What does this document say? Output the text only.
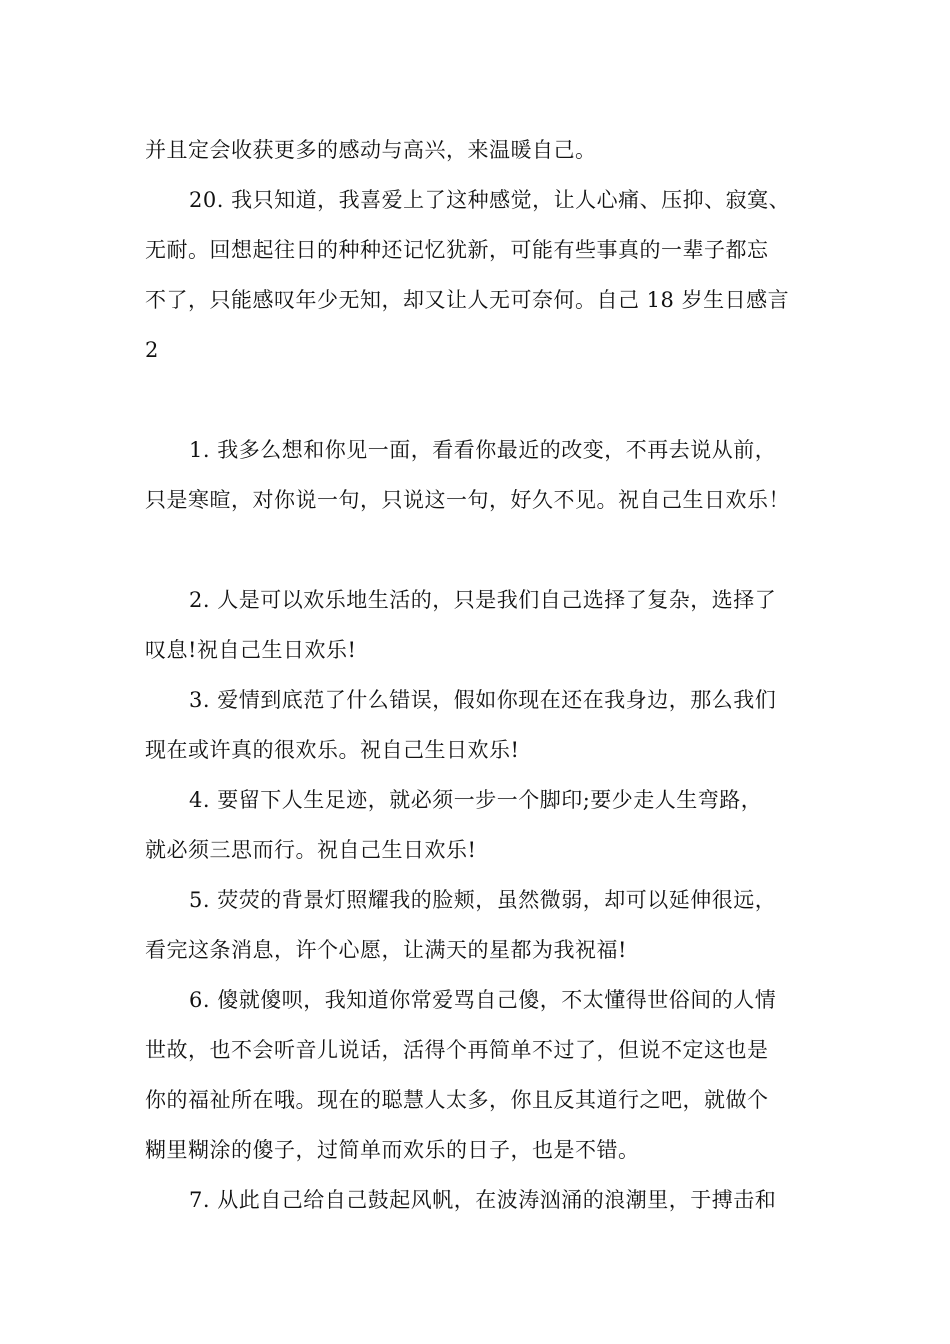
并且定会收获更多的感动与高兴，来温暖自己。
20. 我只知道，我喜爱上了这种感觉，让人心痛、压抑、寂寞、
无耐。回想起往日的种种还记忆犹新，可能有些事真的一辈子都忘
不了，只能感叹年少无知，却又让人无可奈何。自己 18 岁生日感言
2
1. 我多么想和你见一面，看看你最近的改变，不再去说从前，
只是寒暄，对你说一句，只说这一句，好久不见。祝自己生日欢乐！
2. 人是可以欢乐地生活的，只是我们自己选择了复杂，选择了
叹息!祝自己生日欢乐!
3. 爱情到底范了什么错误，假如你现在还在我身边，那么我们
现在或许真的很欢乐。祝自己生日欢乐!
4. 要留下人生足迹，就必须一步一个脚印;要少走人生弯路，
就必须三思而行。祝自己生日欢乐!
5. 荧荧的背景灯照耀我的脸颊，虽然微弱，却可以延伸很远，
看完这条消息，许个心愿，让满天的星都为我祝福!
6. 傻就傻呗，我知道你常爱骂自己傻，不太懂得世俗间的人情
世故，也不会听音儿说话，活得个再简单不过了，但说不定这也是
你的福祉所在哦。现在的聪慧人太多，你且反其道行之吧，就做个
糊里糊涂的傻子，过简单而欢乐的日子，也是不错。
7. 从此自己给自己鼓起风帆，在波涛汹涌的浪潮里，于搏击和
